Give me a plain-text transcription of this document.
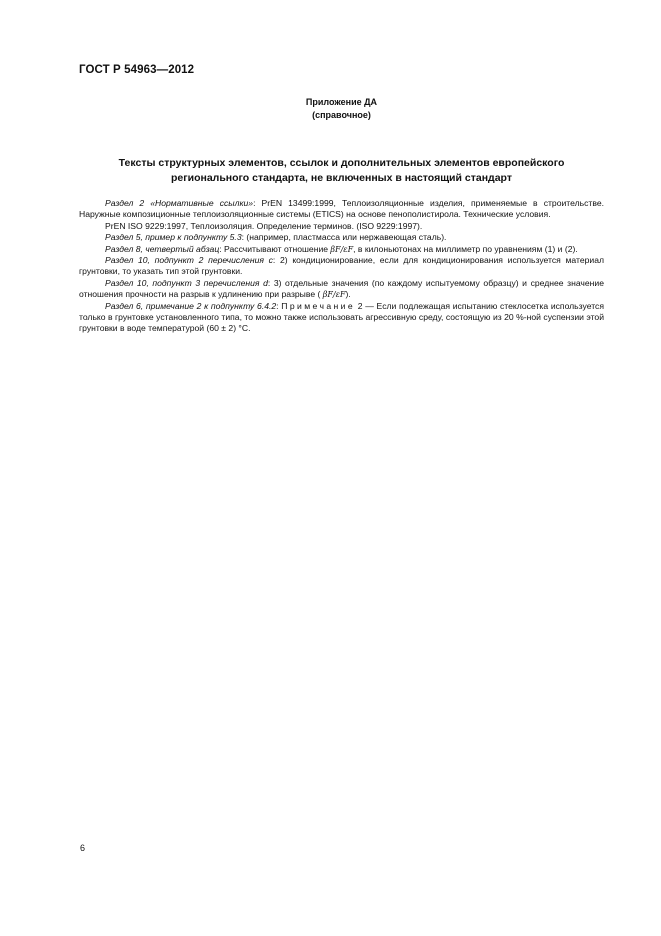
ГОСТ Р 54963—2012
Приложение ДА
(справочное)
Тексты структурных элементов, ссылок и дополнительных элементов европейского
регионального стандарта, не включенных в настоящий стандарт

Раздел 2 «Нормативные ссылки»: PrEN 13499:1999, Теплоизоляционные изделия, применяемые в строительстве. Наружные композиционные теплоизоляционные системы (ETICS) на основе пенополистирола. Технические условия.

PrEN ISO 9229:1997, Теплоизоляция. Определение терминов. (ISO 9229:1997).

Раздел 5, пример к подпункту 5.3: (например, пластмасса или нержавеющая сталь).

Раздел 8, четвертый абзац: Рассчитывают отношение βF/εF, в килоньютонах на миллиметр по уравнениям (1) и (2).

Раздел 10, подпункт 2 перечисления с: 2) кондиционирование, если для кондиционирования используется материал грунтовки, то указать тип этой грунтовки.

Раздел 10, подпункт 3 перечисления d: 3) отдельные значения (по каждому испытуемому образцу) и среднее значение отношения прочности на разрыв к удлинению при разрыве ( βF/εF).

Раздел 6, примечание 2 к подпункту 6.4.2: Примечание 2 — Если подлежащая испытанию стеклосетка используется только в грунтовке установленного типа, то можно также использовать агрессивную среду, состоящую из 20 %-ной суспензии этой грунтовки в воде температурой (60 ± 2) °С.

6
